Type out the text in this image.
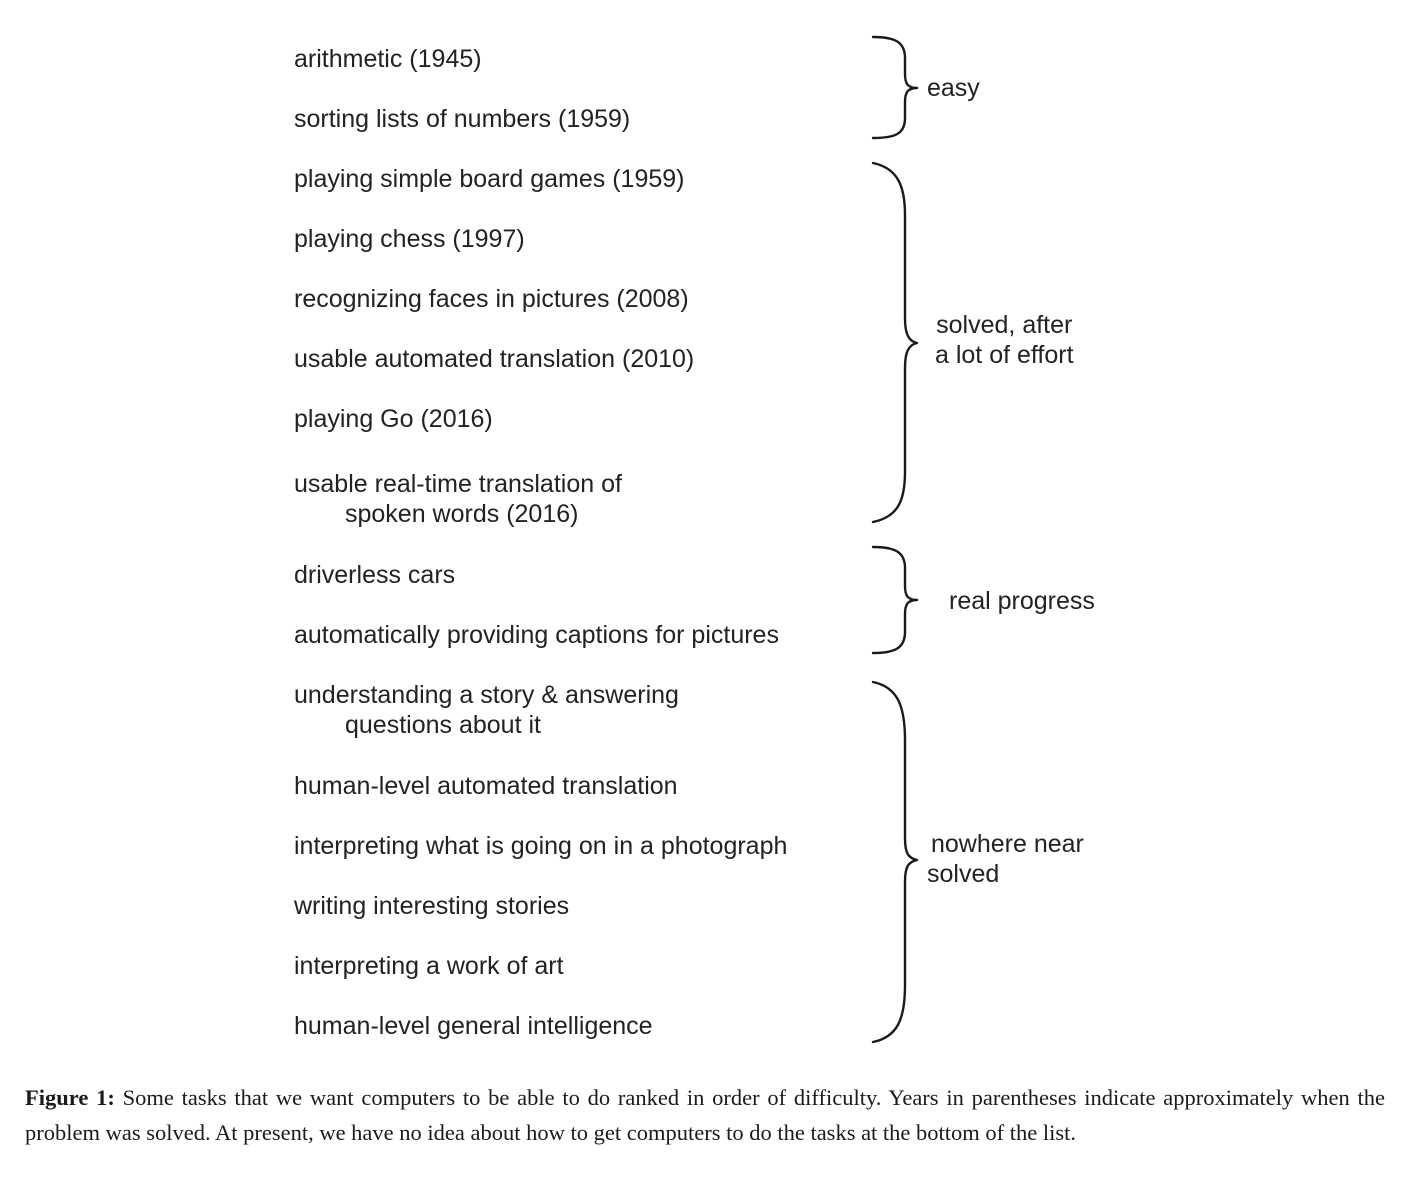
arithmetic (1945)
sorting lists of numbers (1959)
playing simple board games (1959)
playing chess (1997)
recognizing faces in pictures (2008)
usable automated translation (2010)
playing Go (2016)
usable real-time translation of
spoken words (2016)
driverless cars
automatically providing captions for pictures
understanding a story & answering
questions about it
human-level automated translation
interpreting what is going on in a photograph
writing interesting stories
interpreting a work of art
human-level general intelligence
easy
solved, after
a lot of effort
real progress
nowhere near
solved
Figure 1: Some tasks that we want computers to be able to do ranked in order of difficulty. Years in parentheses indicate approximately when the problem was solved. At present, we have no idea about how to get computers to do the tasks at the bottom of the list.
